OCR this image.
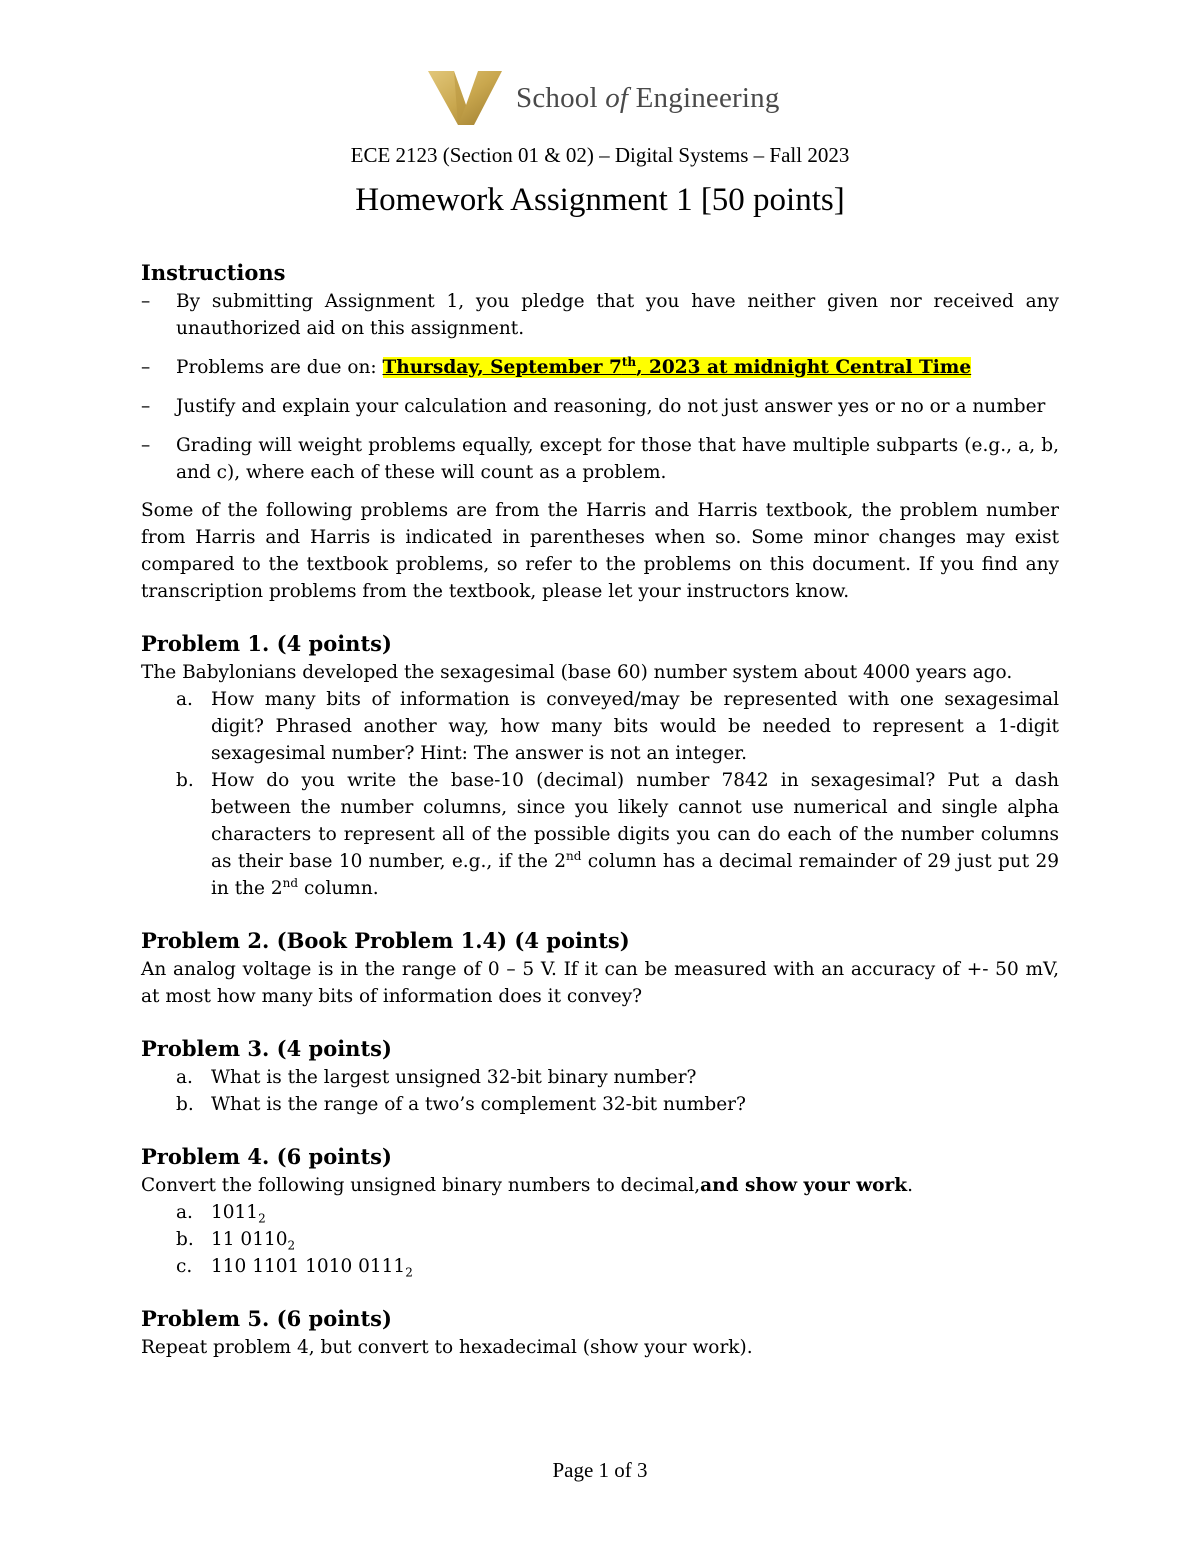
School of Engineering
ECE 2123 (Section 01 & 02) – Digital Systems – Fall 2023
Homework Assignment 1 [50 points]
Instructions
– By submitting Assignment 1, you pledge that you have neither given nor received any unauthorized aid on this assignment.
– Problems are due on: Thursday, September 7th, 2023 at midnight Central Time
– Justify and explain your calculation and reasoning, do not just answer yes or no or a number
– Grading will weight problems equally, except for those that have multiple subparts (e.g., a, b, and c), where each of these will count as a problem.

Some of the following problems are from the Harris and Harris textbook, the problem number from Harris and Harris is indicated in parentheses when so. Some minor changes may exist compared to the textbook problems, so refer to the problems on this document. If you find any transcription problems from the textbook, please let your instructors know.

Problem 1. (4 points)

The Babylonians developed the sexagesimal (base 60) number system about 4000 years ago.

a. How many bits of information is conveyed/may be represented with one sexagesimal digit? Phrased another way, how many bits would be needed to represent a 1-digit sexagesimal number? Hint: The answer is not an integer.
b. How do you write the base-10 (decimal) number 7842 in sexagesimal? Put a dash between the number columns, since you likely cannot use numerical and single alpha characters to represent all of the possible digits you can do each of the number columns as their base 10 number, e.g., if the 2nd column has a decimal remainder of 29 just put 29 in the 2nd column.
Problem 2. (Book Problem 1.4) (4 points)

An analog voltage is in the range of 0 – 5 V. If it can be measured with an accuracy of +- 50 mV, at most how many bits of information does it convey?

Problem 3. (4 points)
a. What is the largest unsigned 32-bit binary number?
b. What is the range of a two’s complement 32-bit number?
Problem 4. (6 points)

Convert the following unsigned binary numbers to decimal,and show your work.

a. $1011_2$
b. 11 $0110_2$
c. 110 1101 1010 $0111_2$
Problem 5. (6 points)

Repeat problem 4, but convert to hexadecimal (show your work).

Page 1 of 3
